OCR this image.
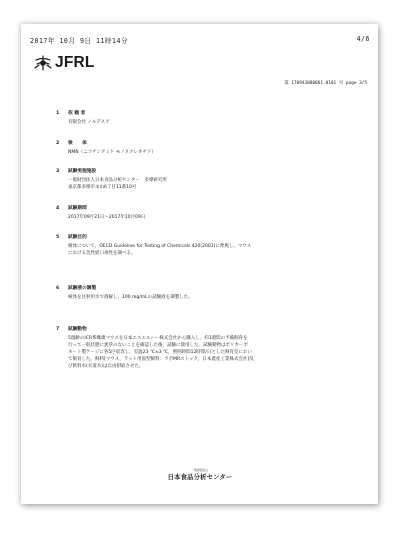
2017年 10月 9日 11時14分	4/6
JFRL
第 170943880061-0101 号 page 3/5
1 依 頼 者
有限会社 ノルデスア
2 検　　体
NMN（ニコチンアミド モノヌクレオチド）
3 試験実施施設
一般財団法人日本食品分析センター　多摩研究所
東京都多摩市永山6丁目11番10号
4 試験期間
2017年09月21日～2017年10月09日
5 試験目的
検体について，OECD Guideline for Testing of Chemicals 420(2001)に準拠し，マウス
における急性経口毒性を調べる。
6 試験液の調製
検体を注射用水で溶解し，100 mg/mLの試験液を調製した。
7 試験動物
5週齢のICR系雌雄マウスを日本エスエルシー株式会社から購入し，約1週間の予備飼育を
行って一般状態に異常のないことを確認した後，試験に使用した。試験動物はポリカーボ
ネート製ケージに各5匹収容し，室温23 ℃±3 ℃，照明時間12時間/日とした飼育室におい
て飼育した。飼料[マウス，ラット用固型飼料：ラボMRストック，日本農産工業株式会社]及
び飲料水(水道水)は自由摂取させた。
一般財団法人
日本食品分析センター
